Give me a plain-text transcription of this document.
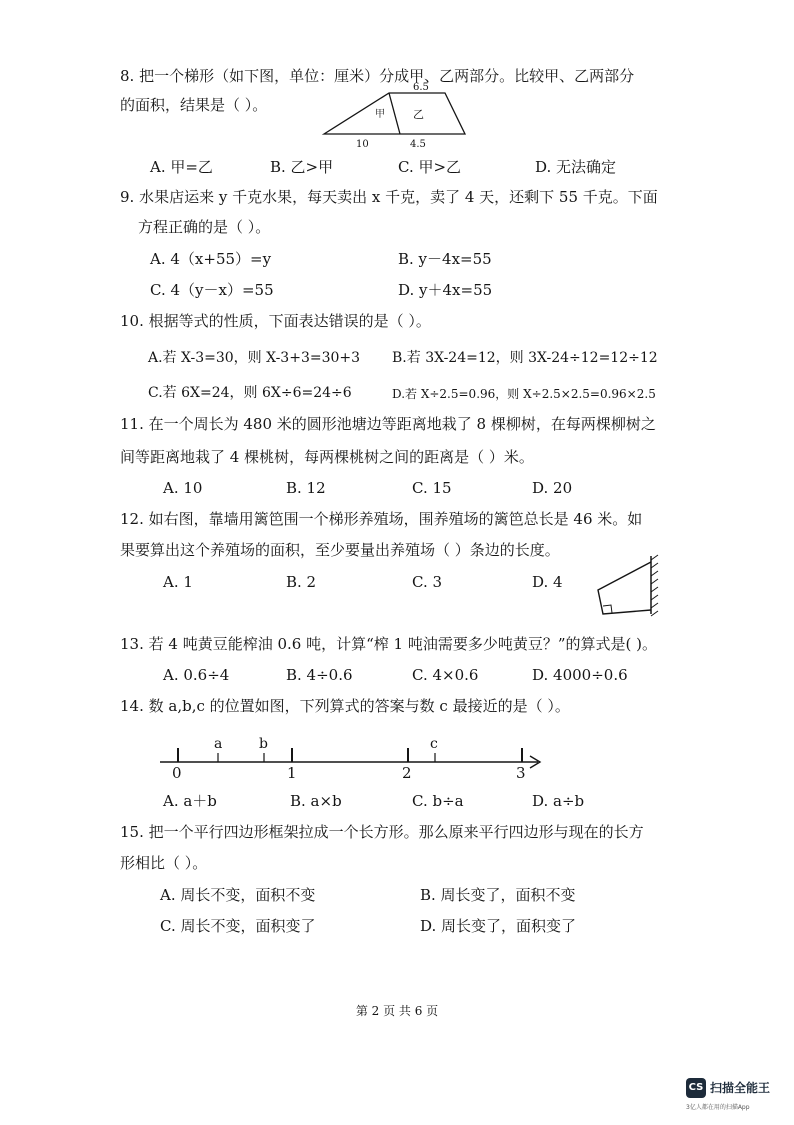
8. 把一个梯形（如下图，单位：厘米）分成甲、乙两部分。比较甲、乙两部分
的面积，结果是（ ）。
6.5
甲	乙
10	4.5
A. 甲=乙	B. 乙>甲	C. 甲>乙	D. 无法确定
9. 水果店运来 y 千克水果，每天卖出 x 千克，卖了 4 天，还剩下 55 千克。下面
方程正确的是（ ）。
A. 4（x+55）=y	B. y－4x=55
C. 4（y－x）=55	D. y＋4x=55
10. 根据等式的性质，下面表达错误的是（ ）。
A.若 X-3=30，则 X-3+3=30+3 B.若 3X-24=12，则 3X-24÷12=12÷12
C.若 6X=24，则 6X÷6=24÷6	D.若 X÷2.5=0.96，则 X÷2.5×2.5=0.96×2.5
11. 在一个周长为 480 米的圆形池塘边等距离地栽了 8 棵柳树，在每两棵柳树之
间等距离地栽了 4 棵桃树，每两棵桃树之间的距离是（ ）米。
A. 10	B. 12	C. 15	D. 20
12. 如右图，靠墙用篱笆围一个梯形养殖场，围养殖场的篱笆总长是 46 米。如
果要算出这个养殖场的面积，至少要量出养殖场（ ）条边的长度。
A. 1	B. 2	C. 3	D. 4
13. 若 4 吨黄豆能榨油 0.6 吨，计算“榨 1 吨油需要多少吨黄豆？”的算式是( )。
A. 0.6÷4	B. 4÷0.6	C. 4×0.6	D. 4000÷0.6
14. 数 a,b,c 的位置如图，下列算式的答案与数 c 最接近的是（ ）。
0	1	2	3
a	b	c
A. a＋b	B. a×b	C. b÷a	D. a÷b
15. 把一个平行四边形框架拉成一个长方形。那么原来平行四边形与现在的长方
形相比（ ）。
A. 周长不变，面积不变	B. 周长变了，面积不变
C. 周长不变，面积变了	D. 周长变了，面积变了
第 2 页 共 6 页
CS 扫描全能王
3亿人都在用的扫描App
